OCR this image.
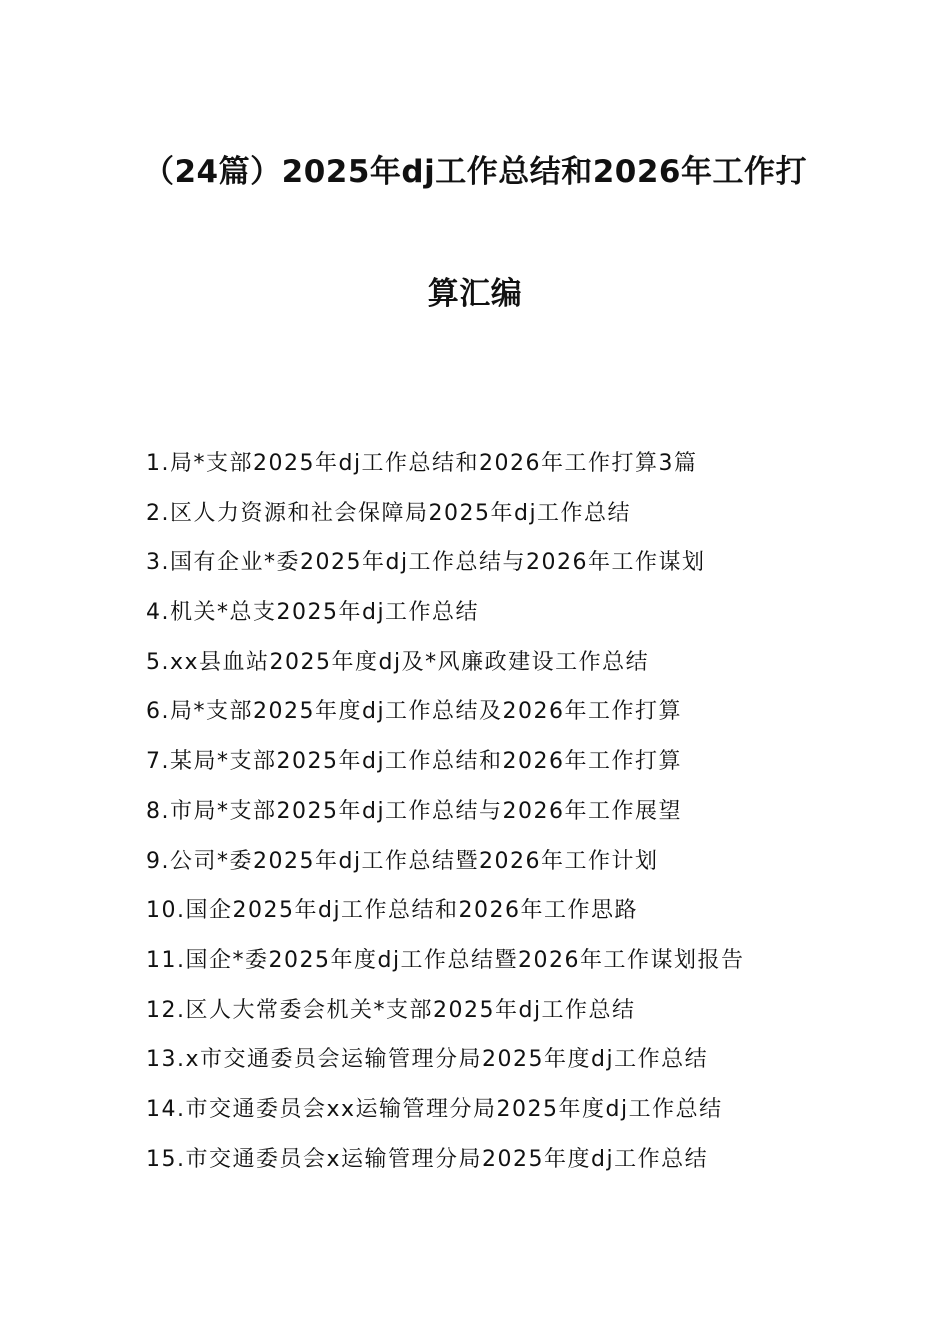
（24篇）2025年dj工作总结和2026年工作打
算汇编
1.局*支部2025年dj工作总结和2026年工作打算3篇
2.区人力资源和社会保障局2025年dj工作总结
3.国有企业*委2025年dj工作总结与2026年工作谋划
4.机关*总支2025年dj工作总结
5.xx县血站2025年度dj及*风廉政建设工作总结
6.局*支部2025年度dj工作总结及2026年工作打算
7.某局*支部2025年dj工作总结和2026年工作打算
8.市局*支部2025年dj工作总结与2026年工作展望
9.公司*委2025年dj工作总结暨2026年工作计划
10.国企2025年dj工作总结和2026年工作思路
11.国企*委2025年度dj工作总结暨2026年工作谋划报告
12.区人大常委会机关*支部2025年dj工作总结
13.x市交通委员会运输管理分局2025年度dj工作总结
14.市交通委员会xx运输管理分局2025年度dj工作总结
15.市交通委员会x运输管理分局2025年度dj工作总结
